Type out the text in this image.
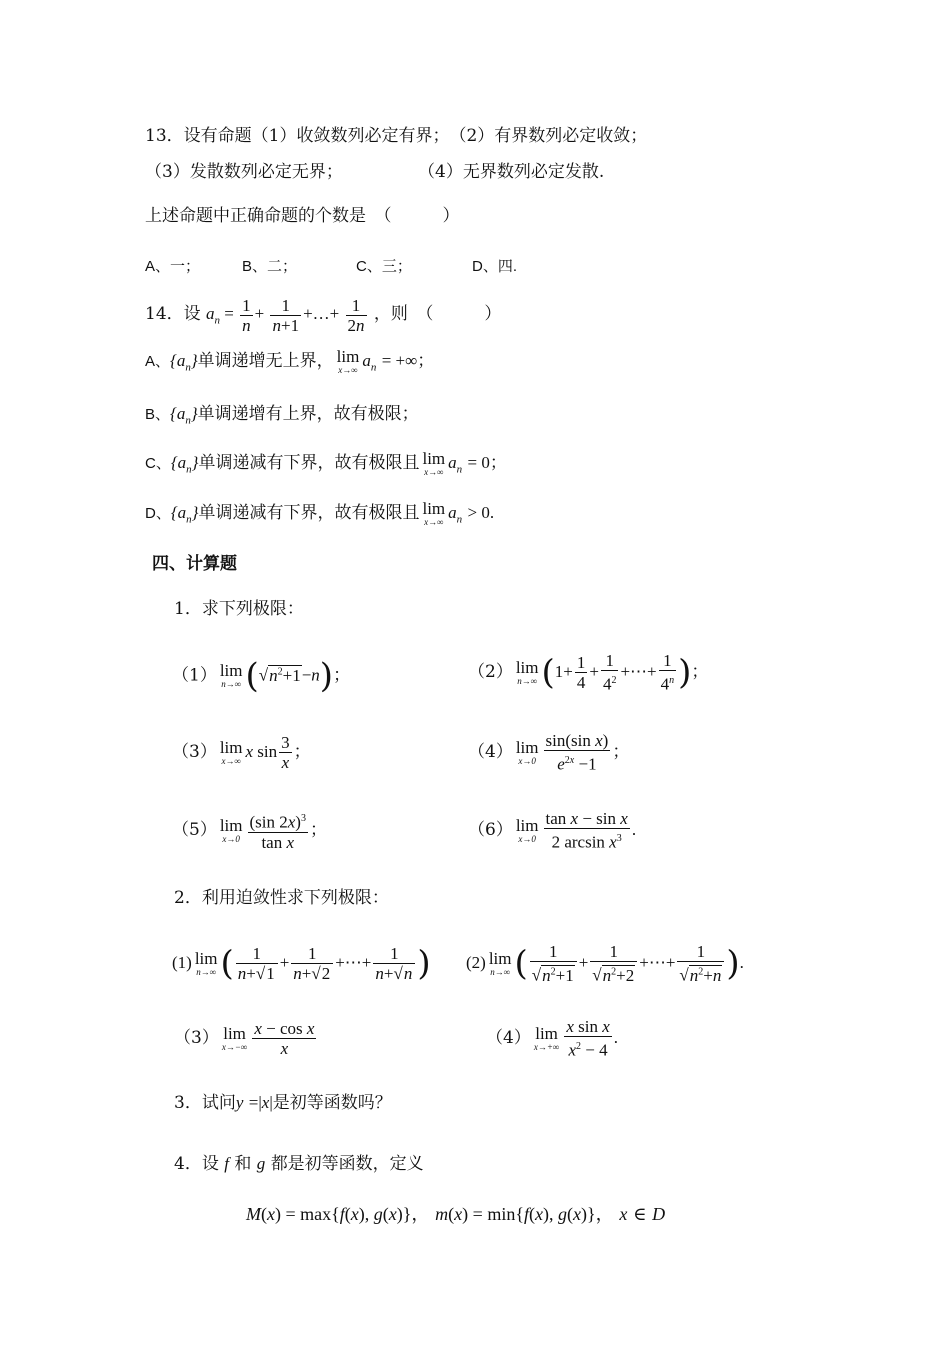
13．设有命题（1）收敛数列必定有界；　（2）有界数列必定收敛；
（3）发散数列必定无界；	（4）无界数列必定发散.
上述命题中正确命题的个数是　（　　　）
A、一；	B、二；	C、三；	D、四.
14．设 $a_n = \frac{1}{n} + \frac{1}{n+1}$ +…+ $\frac{1}{2n}$ ，则　（　　　）
A、$\{a_n\}$单调递增无上界， lim
x→∞ $a_n$ = +∞；
B、$\{a_n\}$单调递增有上界，故有极限；
C、$\{a_n\}$单调递减有下界，故有极限且 lim
x→∞ $a_n = 0$；
D、$\{a_n\}$单调递减有下界，故有极限且 lim
x→∞ $a_n > 0$.
四、计算题
1．求下列极限：
（1） lim
n→∞ $(√n^2+1-n)$；	（2） lim
n→∞ ($1+ \frac{1}{4} + \frac{1}{4^2}$ +⋯+ $\frac{1}{4^n}$ )；
（3） lim
x→∞ x $\sin \frac{3}{x}$ ；	（4） lim
$x\to 0 \frac{\text{sin(sin x)}}{e^{2x} -1}$ ；
（5） lim
$x\to 0 \frac{(\sin 2x)^3}{\text{tan x}}$ ；	（6） lim
$x\to 0 \frac{\text{tan x − sin x}}{2 \arcsin x^3}$ .
2．利用迫敛性求下列极限：
(1) lim
n→∞ ( $\frac{1}{n+√1} + \frac{1}{n+√2}$ +⋯+ $\frac{1}{n+√n}$ ) (2) lim
n→∞ ( $\frac{1}{√n^2+1} + \frac{1}{√n^2+2}$ +⋯+ $\frac{1}{√n^2+n}$ ).
（3） lim
$x\to-\infty \frac{\text{x − cos x}}{x}$	（4） lim
$x\to+\infty \frac{\text{x sin x}}{x^2 - 4}$ .
3．试问y =|x|是初等函数吗？
4．设 f 和 g 都是初等函数，定义
M(x) = max{f(x), g(x)}， m(x) = min{f(x), g(x)}， x ∈ D
